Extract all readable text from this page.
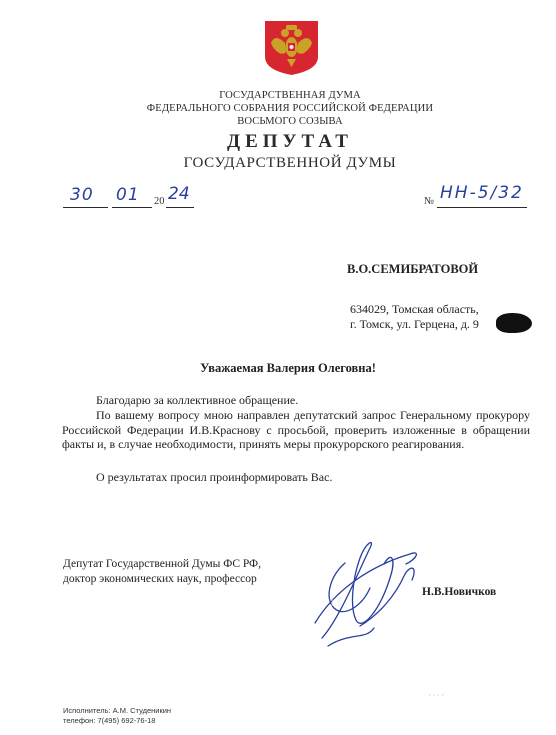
ГОСУДАРСТВЕННАЯ ДУМА
ФЕДЕРАЛЬНОГО СОБРАНИЯ РОССИЙСКОЙ ФЕДЕРАЦИИ
ВОСЬМОГО СОЗЫВА
ДЕПУТАТ
ГОСУДАРСТВЕННОЙ ДУМЫ
30 01 20 24	№ НН-5/32
В.О.СЕМИБРАТОВОЙ
634029, Томская область,
г. Томск, ул. Герцена, д. 9
Уважаемая Валерия Олеговна!
Благодарю за коллективное обращение.
По вашему вопросу мною направлен депутатский запрос Генеральному прокурору Российской Федерации И.В.Краснову с просьбой, проверить изложенные в обращении факты и, в случае необходимости, принять меры прокурорского реагирования.
О результатах просил проинформировать Вас.
Депутат Государственной Думы ФС РФ,
доктор экономических наук, профессор
Н.В.Новичков
⁞ ⁞
∙∙∙∙
Исполнитель: А.М. Студеникин
телефон: 7(495) 692-76-18
